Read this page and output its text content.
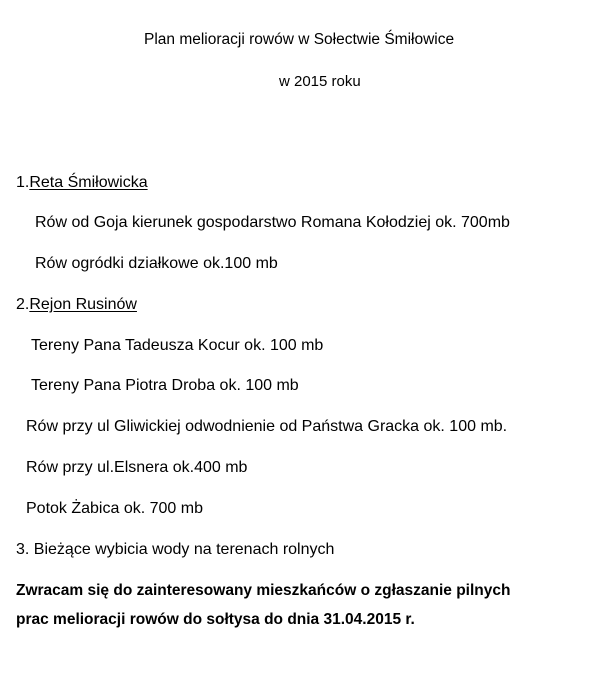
Plan melioracji rowów w Sołectwie Śmiłowice
w 2015 roku
1.Reta Śmiłowicka
Rów od Goja kierunek gospodarstwo Romana Kołodziej ok. 700mb
Rów ogródki działkowe ok.100 mb
2.Rejon Rusinów
Tereny Pana Tadeusza Kocur ok. 100 mb
Tereny Pana Piotra Droba ok. 100 mb
Rów przy ul Gliwickiej odwodnienie od Państwa Gracka ok. 100 mb.
Rów przy ul.Elsnera ok.400 mb
Potok Żabica ok. 700 mb
3. Bieżące wybicia wody na terenach rolnych
Zwracam się do zainteresowany mieszkańców o zgłaszanie pilnych
prac melioracji rowów do sołtysa do dnia 31.04.2015 r.
